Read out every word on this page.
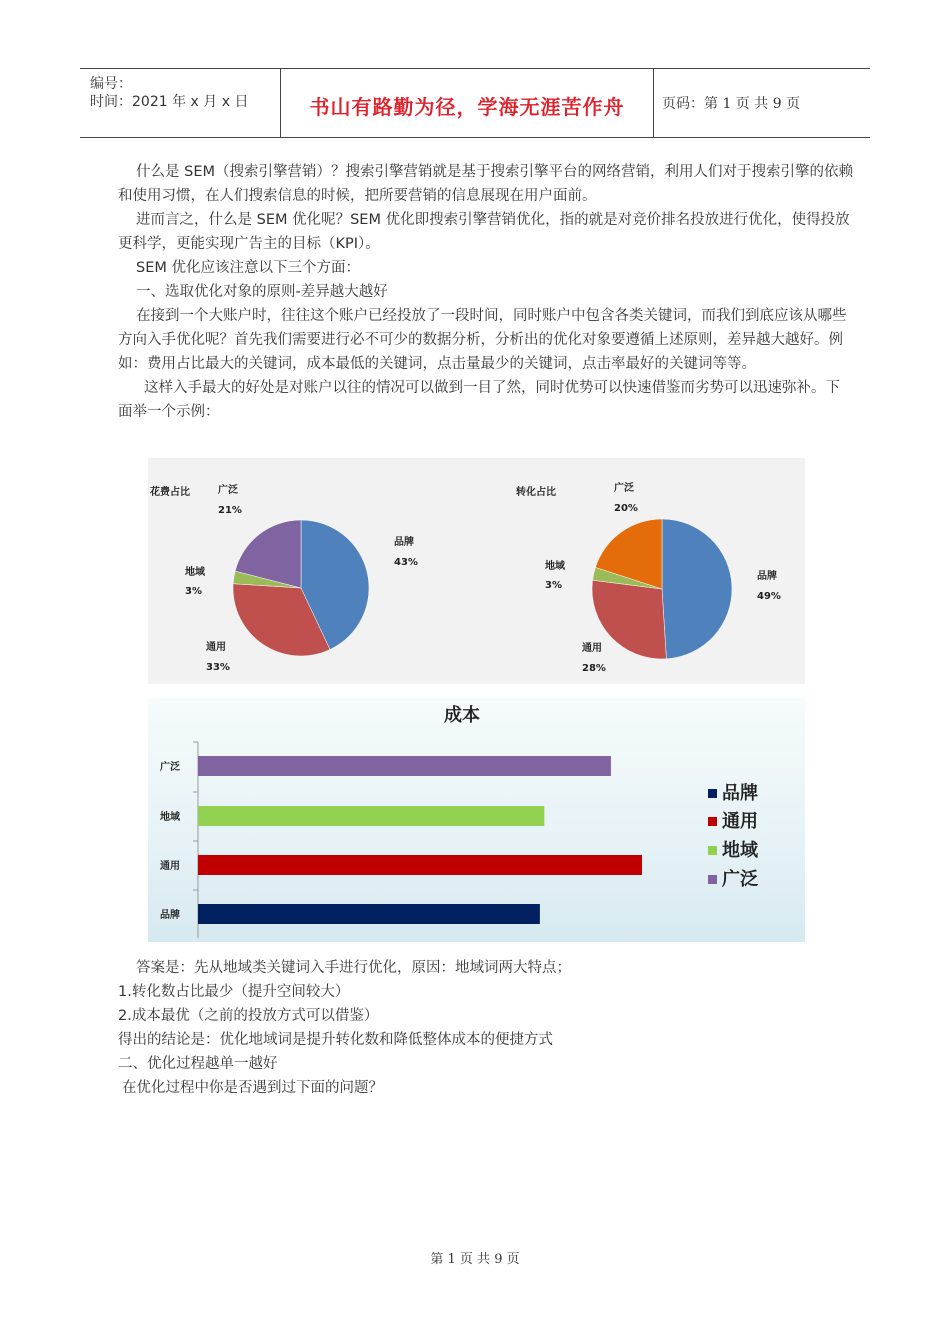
编号：
时间：2021 年 x 月 x 日	书山有路勤为径，学海无涯苦作舟	页码：第 1 页 共 9 页

什么是 SEM（搜索引擎营销）？搜索引擎营销就是基于搜索引擎平台的网络营销，利用人们对于搜索引擎的依赖和使用习惯，在人们搜索信息的时候，把所要营销的信息展现在用户面前。

进而言之，什么是 SEM 优化呢？SEM 优化即搜索引擎营销优化，指的就是对竞价排名投放进行优化，使得投放更科学，更能实现广告主的目标（KPI）。

SEM 优化应该注意以下三个方面：

一、选取优化对象的原则-差异越大越好

在接到一个大账户时，往往这个账户已经投放了一段时间，同时账户中包含各类关键词，而我们到底应该从哪些方向入手优化呢？首先我们需要进行必不可少的数据分析，分析出的优化对象要遵循上述原则，差异越大越好。例如：费用占比最大的关键词，成本最低的关键词，点击量最少的关键词，点击率最好的关键词等等。

这样入手最大的好处是对账户以往的情况可以做到一目了然，同时优势可以快速借鉴而劣势可以迅速弥补。下面举一个示例：

花费占比
品牌
43%
通用
33%
地域
3%
广泛
21%
转化占比
品牌
49%
通用
28%
地域
3%
广泛
20%
成本
广泛
地域
通用
品牌
品牌
通用
地域
广泛

答案是：先从地域类关键词入手进行优化，原因：地域词两大特点；

1.转化数占比最少（提升空间较大）

2.成本最优（之前的投放方式可以借鉴）

得出的结论是：优化地域词是提升转化数和降低整体成本的便捷方式

二、优化过程越单一越好

在优化过程中你是否遇到过下面的问题？

第 1 页 共 9 页
